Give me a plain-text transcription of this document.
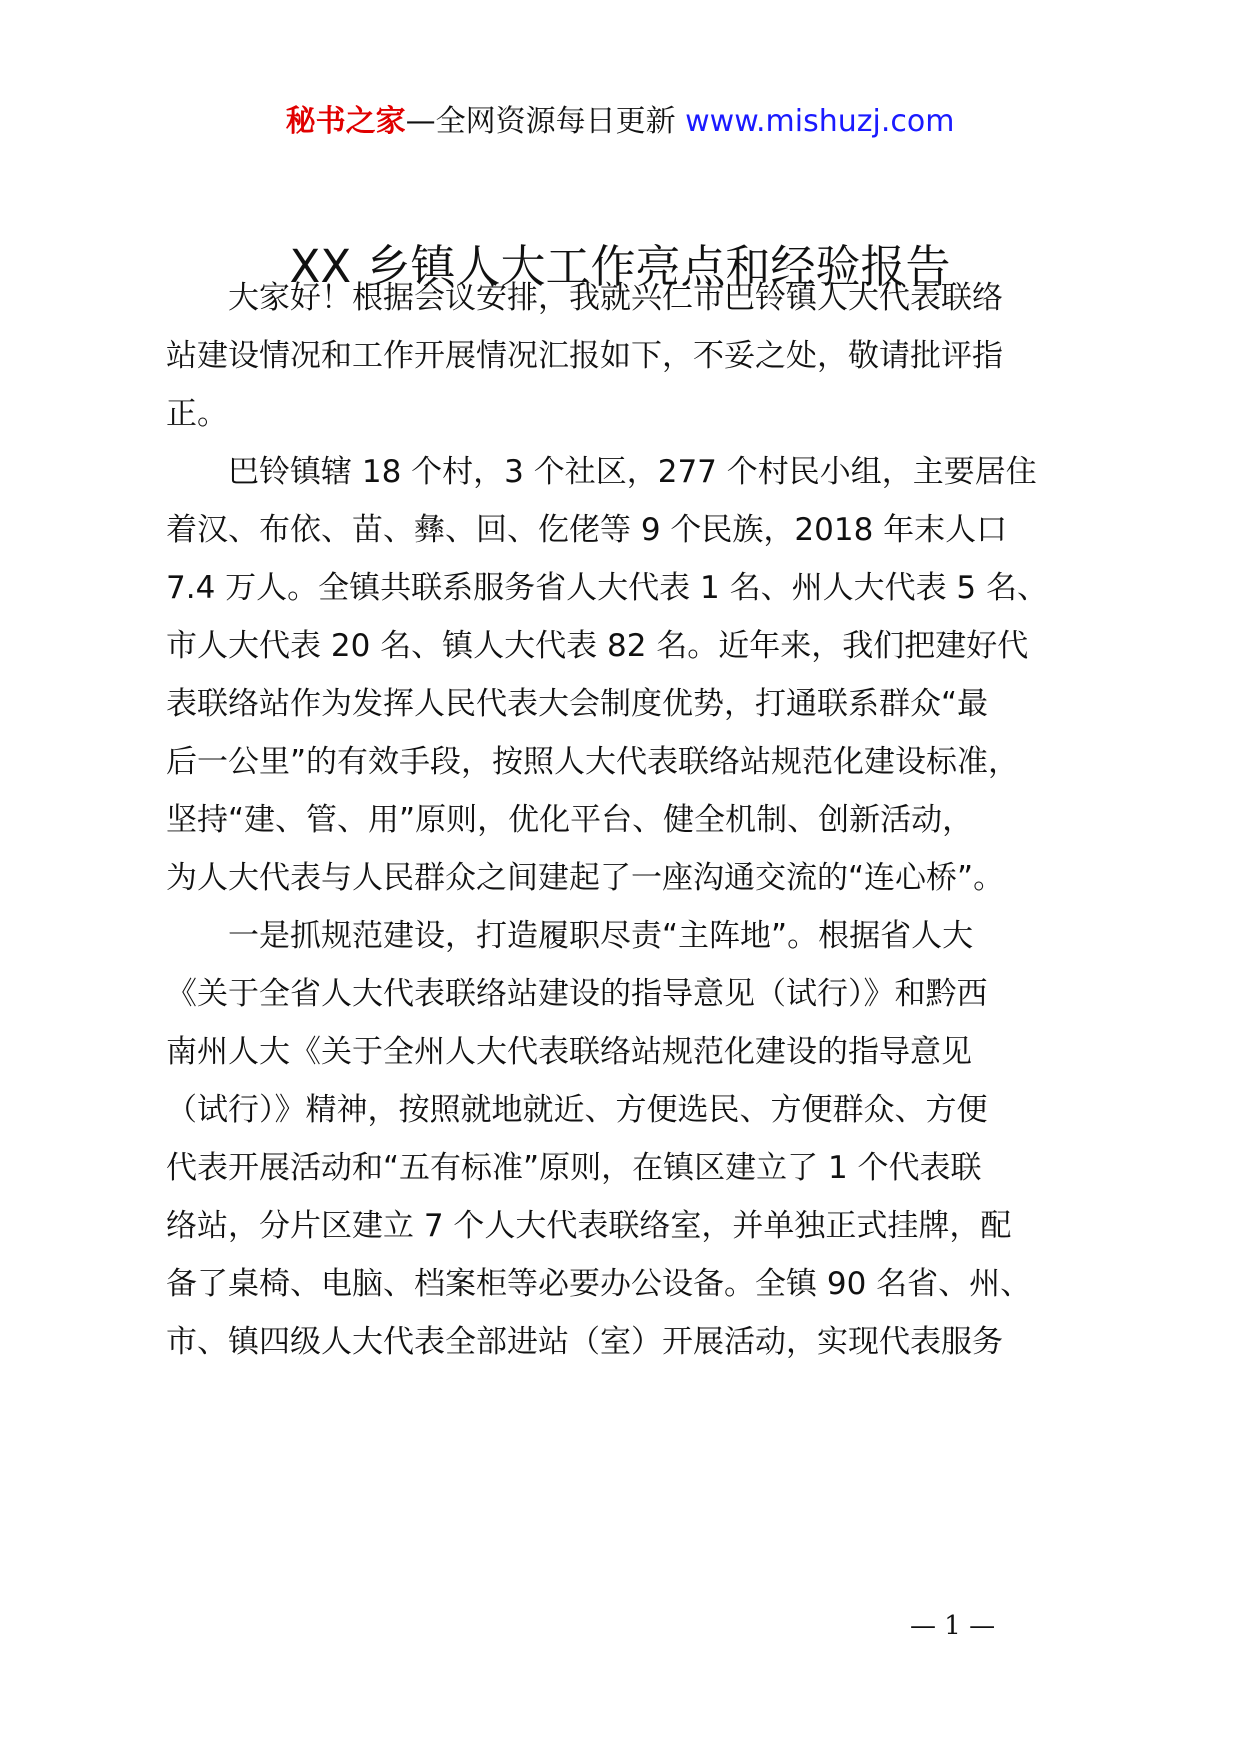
秘书之家—全网资源每日更新 www.mishuzj.com
XX 乡镇人大工作亮点和经验报告

　　大家好！根据会议安排，我就兴仁市巴铃镇人大代表联络

站建设情况和工作开展情况汇报如下，不妥之处，敬请批评指

正。

　　巴铃镇辖 18 个村，3 个社区，277 个村民小组，主要居住

着汉、布依、苗、彝、回、仡佬等 9 个民族，2018 年末人口

7.4 万人。全镇共联系服务省人大代表 1 名、州人大代表 5 名、

市人大代表 20 名、镇人大代表 82 名。近年来，我们把建好代

表联络站作为发挥人民代表大会制度优势，打通联系群众“最

后一公里”的有效手段，按照人大代表联络站规范化建设标准，

坚持“建、管、用”原则，优化平台、健全机制、创新活动，

为人大代表与人民群众之间建起了一座沟通交流的“连心桥”。

　　一是抓规范建设，打造履职尽责“主阵地”。根据省人大

《关于全省人大代表联络站建设的指导意见（试行）》和黔西

南州人大《关于全州人大代表联络站规范化建设的指导意见

（试行）》精神，按照就地就近、方便选民、方便群众、方便

代表开展活动和“五有标准”原则，在镇区建立了 1 个代表联

络站，分片区建立 7 个人大代表联络室，并单独正式挂牌，配

备了桌椅、电脑、档案柜等必要办公设备。全镇 90 名省、州、

市、镇四级人大代表全部进站（室）开展活动，实现代表服务

— 1 —
